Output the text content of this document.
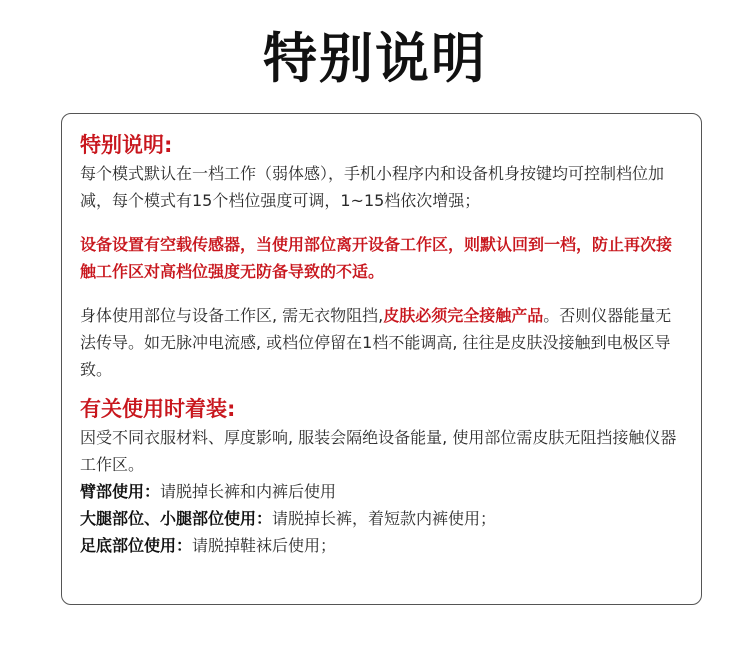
特别说明
特别说明:
每个模式默认在一档工作（弱体感），手机小程序内和设备机身按键均可控制档位加减，每个模式有15个档位强度可调，1~15档依次增强；
设备设置有空载传感器，当使用部位离开设备工作区，则默认回到一档，防止再次接触工作区对高档位强度无防备导致的不适。
身体使用部位与设备工作区, 需无衣物阻挡,皮肤必须完全接触产品。否则仪器能量无法传导。如无脉冲电流感, 或档位停留在1档不能调高, 往往是皮肤没接触到电极区导致。
有关使用时着装:
因受不同衣服材料、厚度影响, 服装会隔绝设备能量, 使用部位需皮肤无阻挡接触仪器工作区。
臂部使用：请脱掉长裤和内裤后使用
大腿部位、小腿部位使用：请脱掉长裤，着短款内裤使用；
足底部位使用：请脱掉鞋袜后使用；
